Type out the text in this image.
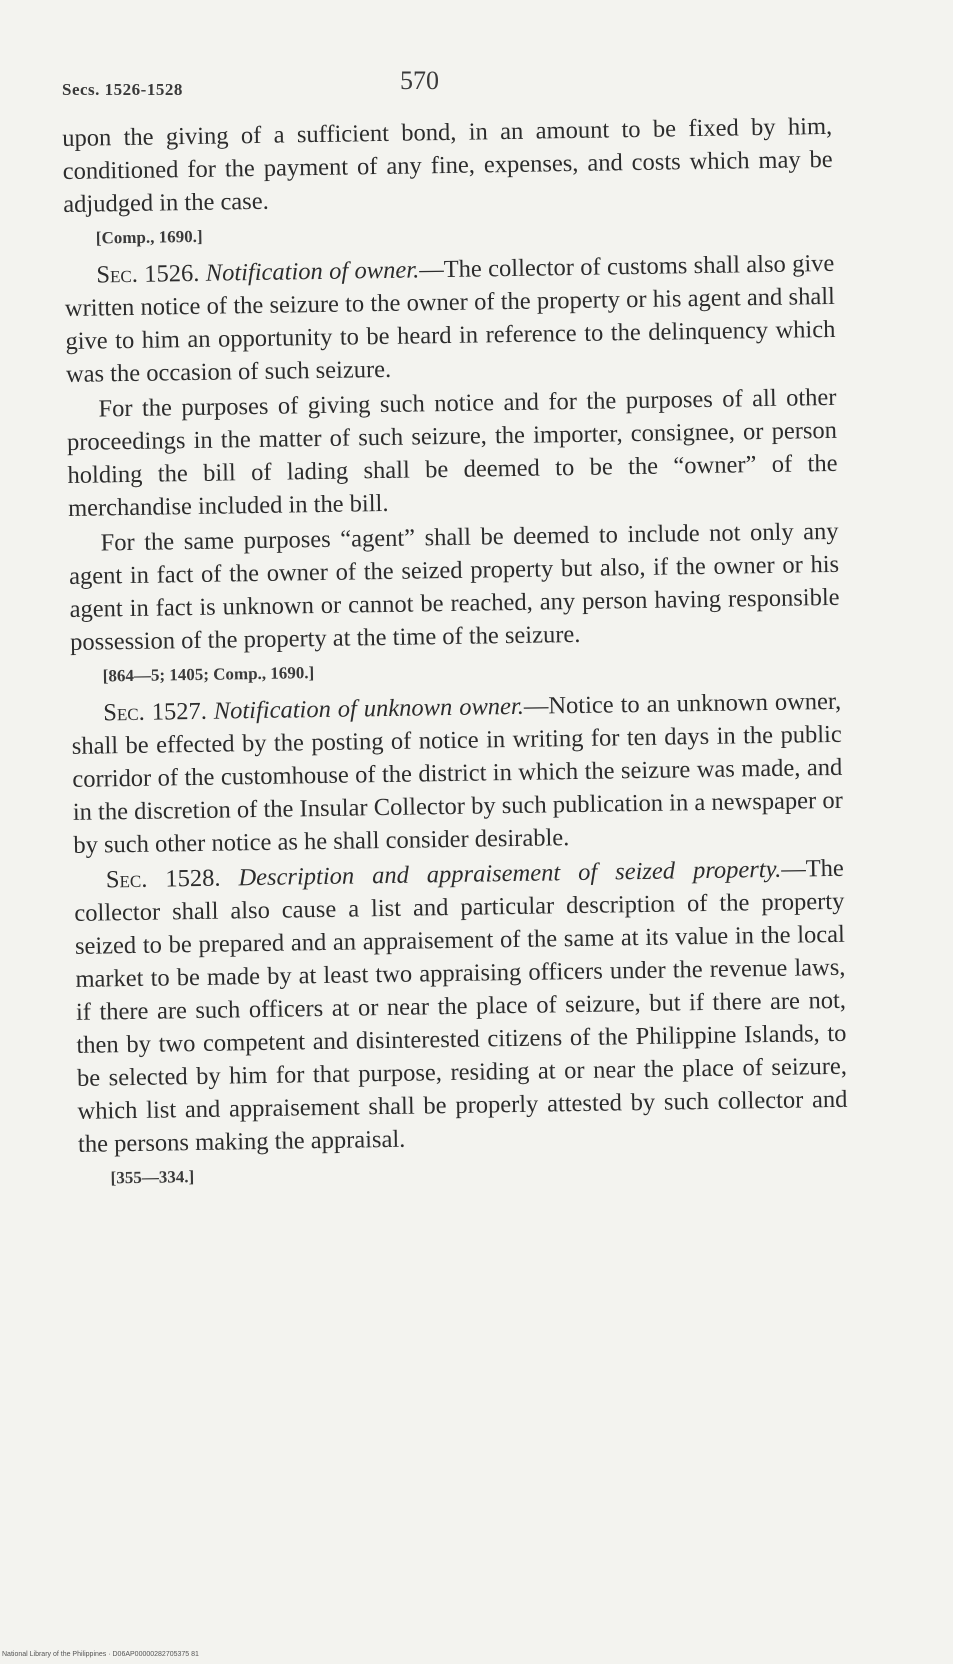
Secs. 1526-1528	570

upon the giving of a sufficient bond, in an amount to be fixed by him, conditioned for the payment of any fine, expenses, and costs which may be adjudged in the case.

[Comp., 1690.]

Sec. 1526. Notification of owner.—The collector of customs shall also give written notice of the seizure to the owner of the property or his agent and shall give to him an opportunity to be heard in reference to the delinquency which was the occasion of such seizure.

For the purposes of giving such notice and for the purposes of all other proceedings in the matter of such seizure, the importer, consignee, or person holding the bill of lading shall be deemed to be the “owner” of the merchandise included in the bill.

For the same purposes “agent” shall be deemed to include not only any agent in fact of the owner of the seized property but also, if the owner or his agent in fact is unknown or cannot be reached, any person having responsible possession of the property at the time of the seizure.

[864—5; 1405; Comp., 1690.]

Sec. 1527. Notification of unknown owner.—Notice to an unknown owner, shall be effected by the posting of notice in writing for ten days in the public corridor of the customhouse of the district in which the seizure was made, and in the discretion of the Insular Collector by such publication in a newspaper or by such other notice as he shall consider desirable.

Sec. 1528. Description and appraisement of seized property.—The collector shall also cause a list and particular description of the property seized to be prepared and an appraisement of the same at its value in the local market to be made by at least two appraising officers under the revenue laws, if there are such officers at or near the place of seizure, but if there are not, then by two competent and disinterested citizens of the Philippine Islands, to be selected by him for that purpose, residing at or near the place of seizure, which list and appraisement shall be properly attested by such collector and the persons making the appraisal.

[355—334.]

National Library of the Philippines · D06AP00000282705375 81
